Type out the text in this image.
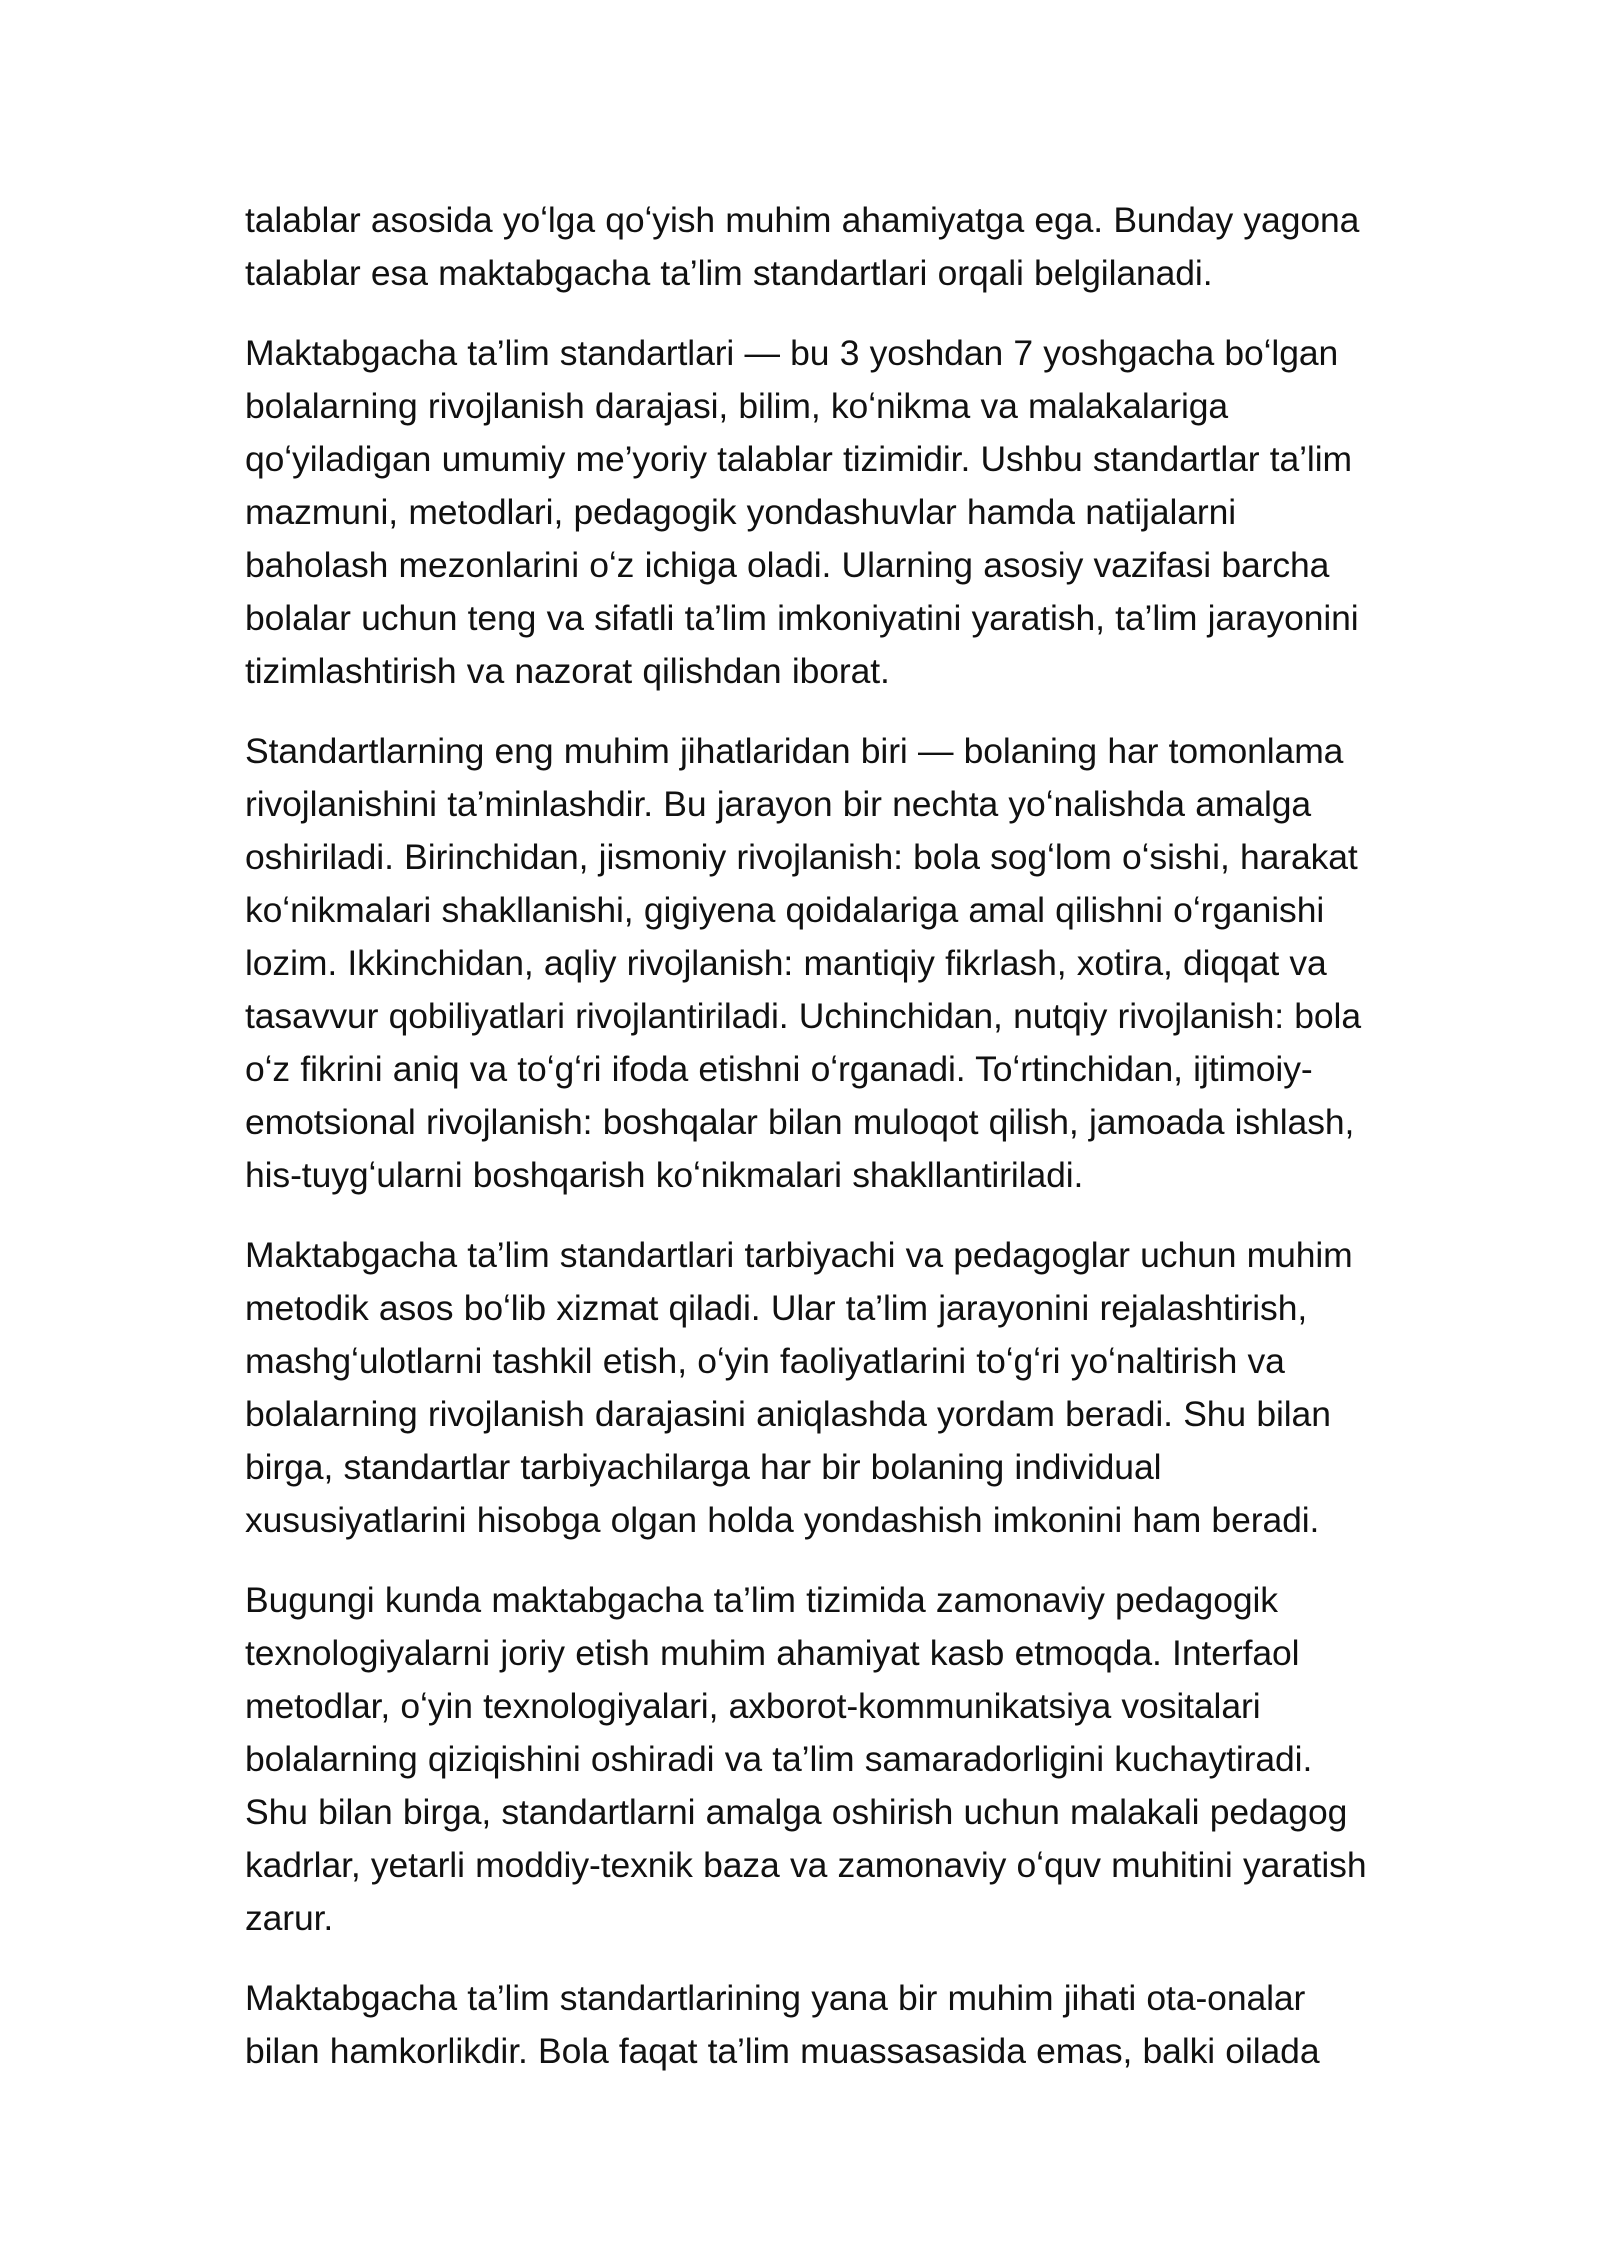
talablar asosida yoʻlga qoʻyish muhim ahamiyatga ega. Bunday yagona talablar esa maktabgacha ta’lim standartlari orqali belgilanadi.

Maktabgacha ta’lim standartlari — bu 3 yoshdan 7 yoshgacha boʻlgan bolalarning rivojlanish darajasi, bilim, koʻnikma va malakalariga qoʻyiladigan umumiy me’yoriy talablar tizimidir. Ushbu standartlar ta’lim mazmuni, metodlari, pedagogik yondashuvlar hamda natijalarni baholash mezonlarini oʻz ichiga oladi. Ularning asosiy vazifasi barcha bolalar uchun teng va sifatli ta’lim imkoniyatini yaratish, ta’lim jarayonini tizimlashtirish va nazorat qilishdan iborat.

Standartlarning eng muhim jihatlaridan biri — bolaning har tomonlama rivojlanishini ta’minlashdir. Bu jarayon bir nechta yoʻnalishda amalga oshiriladi. Birinchidan, jismoniy rivojlanish: bola sogʻlom oʻsishi, harakat koʻnikmalari shakllanishi, gigiyena qoidalariga amal qilishni oʻrganishi lozim. Ikkinchidan, aqliy rivojlanish: mantiqiy fikrlash, xotira, diqqat va tasavvur qobiliyatlari rivojlantiriladi. Uchinchidan, nutqiy rivojlanish: bola oʻz fikrini aniq va toʻgʻri ifoda etishni oʻrganadi. Toʻrtinchidan, ijtimoiy-emotsional rivojlanish: boshqalar bilan muloqot qilish, jamoada ishlash, his-tuygʻularni boshqarish koʻnikmalari shakllantiriladi.

Maktabgacha ta’lim standartlari tarbiyachi va pedagoglar uchun muhim metodik asos boʻlib xizmat qiladi. Ular ta’lim jarayonini rejalashtirish, mashgʻulotlarni tashkil etish, oʻyin faoliyatlarini toʻgʻri yoʻnaltirish va bolalarning rivojlanish darajasini aniqlashda yordam beradi. Shu bilan birga, standartlar tarbiyachilarga har bir bolaning individual xususiyatlarini hisobga olgan holda yondashish imkonini ham beradi.

Bugungi kunda maktabgacha ta’lim tizimida zamonaviy pedagogik texnologiyalarni joriy etish muhim ahamiyat kasb etmoqda. Interfaol metodlar, oʻyin texnologiyalari, axborot-kommunikatsiya vositalari bolalarning qiziqishini oshiradi va ta’lim samaradorligini kuchaytiradi. Shu bilan birga, standartlarni amalga oshirish uchun malakali pedagog kadrlar, yetarli moddiy-texnik baza va zamonaviy oʻquv muhitini yaratish zarur.

Maktabgacha ta’lim standartlarining yana bir muhim jihati ota-onalar bilan hamkorlikdir. Bola faqat ta’lim muassasasida emas, balki oilada
